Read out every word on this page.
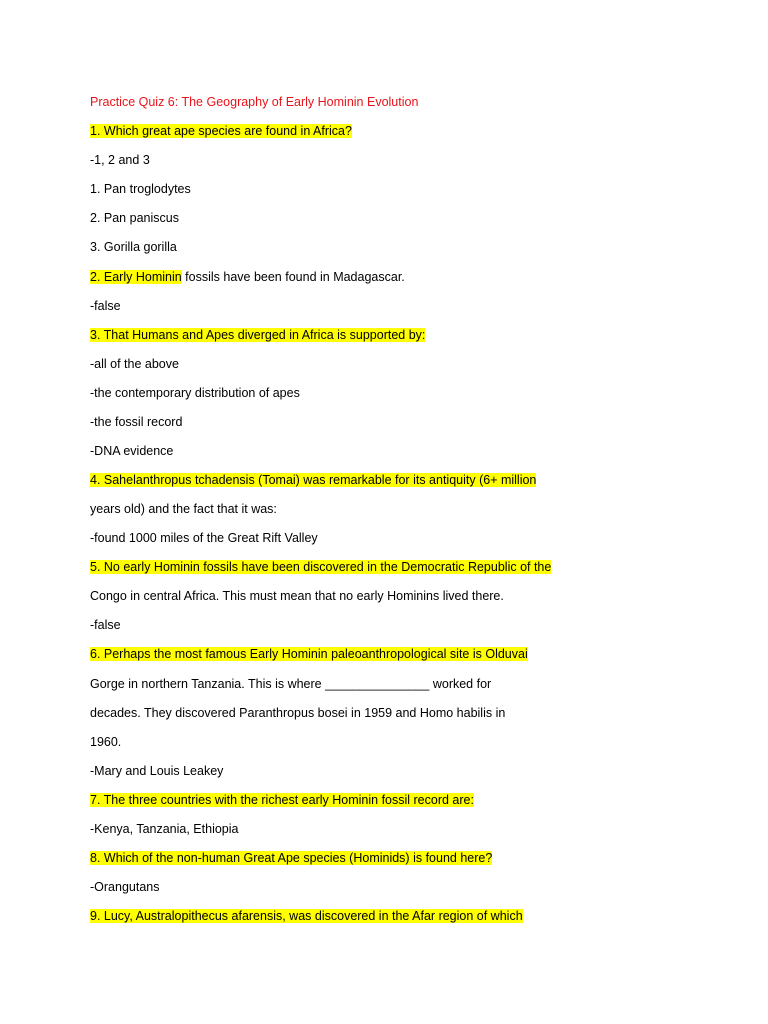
Practice Quiz 6: The Geography of Early Hominin Evolution
1. Which great ape species are found in Africa?
-1, 2 and 3
1. Pan troglodytes
2. Pan paniscus
3. Gorilla gorilla
2. Early Hominin fossils have been found in Madagascar.
-false
3. That Humans and Apes diverged in Africa is supported by:
-all of the above
-the contemporary distribution of apes
-the fossil record
-DNA evidence
4. Sahelanthropus tchadensis (Tomai) was remarkable for its antiquity (6+ million
years old) and the fact that it was:
-found 1000 miles of the Great Rift Valley
5. No early Hominin fossils have been discovered in the Democratic Republic of the
Congo in central Africa. This must mean that no early Hominins lived there.
-false
6. Perhaps the most famous Early Hominin paleoanthropological site is Olduvai
Gorge in northern Tanzania. This is where _______________ worked for
decades. They discovered Paranthropus bosei in 1959 and Homo habilis in
1960.
-Mary and Louis Leakey
7. The three countries with the richest early Hominin fossil record are:
-Kenya, Tanzania, Ethiopia
8. Which of the non-human Great Ape species (Hominids) is found here?
-Orangutans
9. Lucy, Australopithecus afarensis, was discovered in the Afar region of which
